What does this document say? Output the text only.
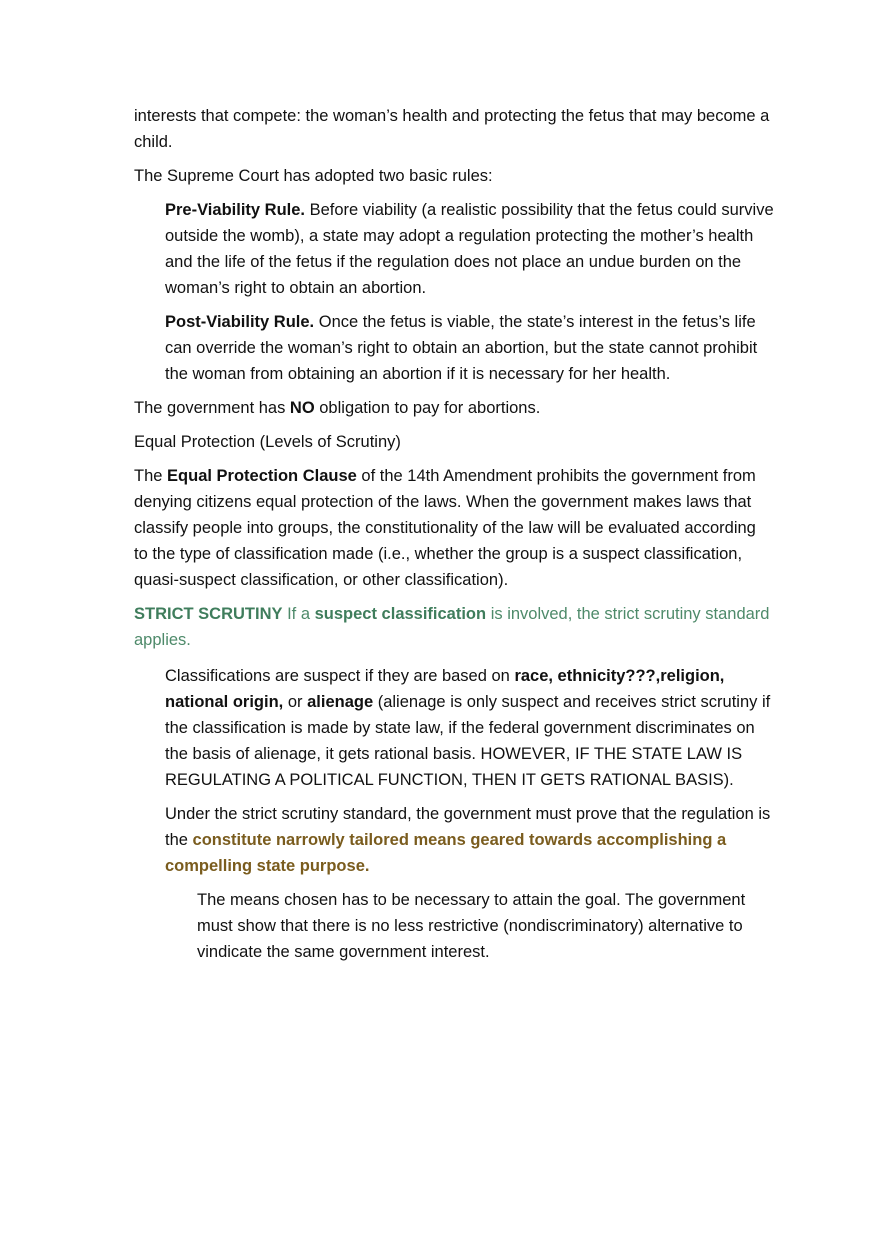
interests that compete: the woman’s health and protecting the fetus that may become a child.

The Supreme Court has adopted two basic rules:

Pre-Viability Rule. Before viability (a realistic possibility that the fetus could survive outside the womb), a state may adopt a regulation protecting the mother’s health and the life of the fetus if the regulation does not place an undue burden on the woman’s right to obtain an abortion.

Post-Viability Rule. Once the fetus is viable, the state’s interest in the fetus’s life can override the woman’s right to obtain an abortion, but the state cannot prohibit the woman from obtaining an abortion if it is necessary for her health.

The government has NO obligation to pay for abortions.

Equal Protection (Levels of Scrutiny)

The Equal Protection Clause of the 14th Amendment prohibits the government from denying citizens equal protection of the laws. When the government makes laws that classify people into groups, the constitutionality of the law will be evaluated according to the type of classification made (i.e., whether the group is a suspect classification, quasi-suspect classification, or other classification).

STRICT SCRUTINY If a suspect classification is involved, the strict scrutiny standard applies.

Classifications are suspect if they are based on race, ethnicity???,religion, national origin, or alienage (alienage is only suspect and receives strict scrutiny if the classification is made by state law, if the federal government discriminates on the basis of alienage, it gets rational basis. HOWEVER, IF THE STATE LAW IS REGULATING A POLITICAL FUNCTION, THEN IT GETS RATIONAL BASIS).

Under the strict scrutiny standard, the government must prove that the regulation is the constitute narrowly tailored means geared towards accomplishing a compelling state purpose.

The means chosen has to be necessary to attain the goal. The government must show that there is no less restrictive (nondiscriminatory) alternative to vindicate the same government interest.
